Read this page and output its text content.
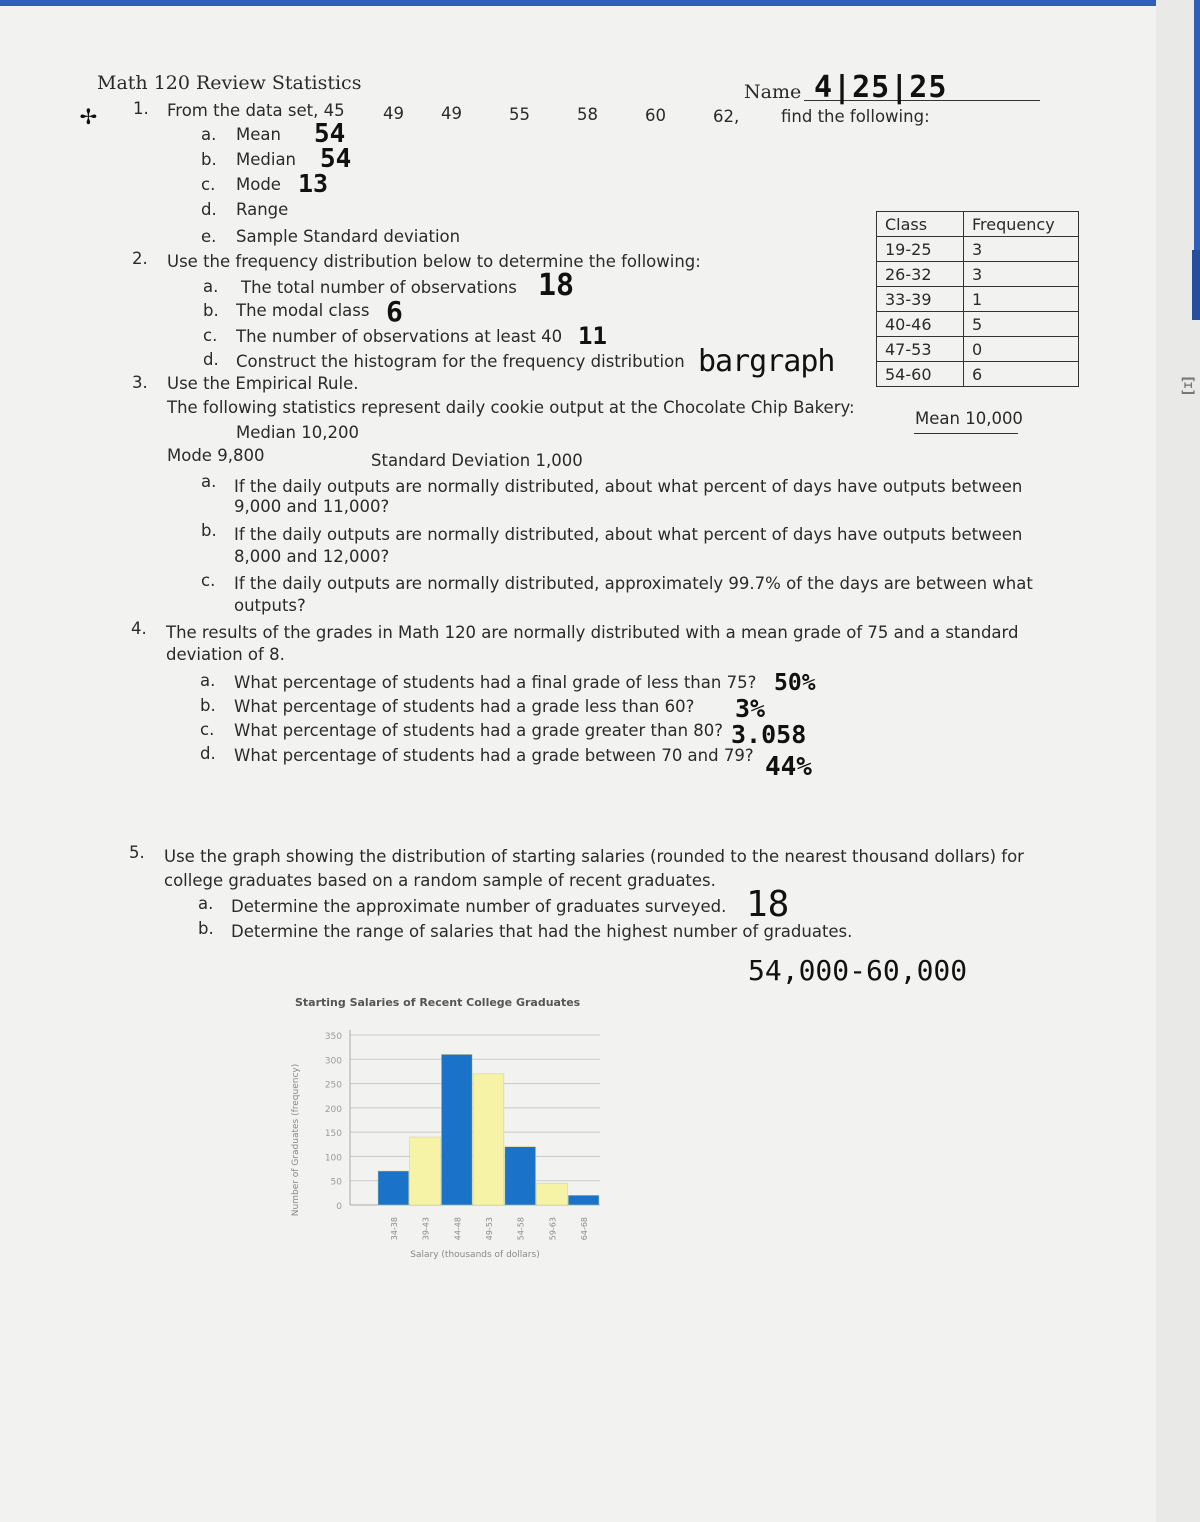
Math 120 Review Statistics	Name 4|25|25
✢ 1. From the data set, 45 49 49	55	58	60	62,	find the following:
a. Mean 54
b. Median 54
c. Mode 13
d. Range
e. Sample Standard deviation
2. Use the frequency distribution below to determine the following:
a. The total number of observations 18
b. The modal class 6
c. The number of observations at least 40 11
d. Construct the histogram for the frequency distribution bargraph
Class	Frequency
19-25	3
26-32	3
33-39	1
40-46	5
47-53	0
54-60	6
3. Use the Empirical Rule.
The following statistics represent daily cookie output at the Chocolate Chip Bakery:
Mean 10,000
Median 10,200
Mode 9,800	Standard Deviation 1,000
a. If the daily outputs are normally distributed, about what percent of days have outputs between
9,000 and 11,000?
b. If the daily outputs are normally distributed, about what percent of days have outputs between
8,000 and 12,000?
c. If the daily outputs are normally distributed, approximately 99.7% of the days are between what
outputs?
4. The results of the grades in Math 120 are normally distributed with a mean grade of 75 and a standard
deviation of 8.
a. What percentage of students had a final grade of less than 75? 50%
b. What percentage of students had a grade less than 60? 3%
c. What percentage of students had a grade greater than 80? 3.058
d. What percentage of students had a grade between 70 and 79? 44%
5. Use the graph showing the distribution of starting salaries (rounded to the nearest thousand dollars) for
college graduates based on a random sample of recent graduates.
a. Determine the approximate number of graduates surveyed. 18
b. Determine the range of salaries that had the highest number of graduates.
54,000-60,000
Starting Salaries of Recent College Graduates
350
300
250
200
150
100
50
0
34-38	39-43	44-48	49-53	54-58	59-63	64-68
Salary (thousands of dollars)
Number of Graduates (frequency)
Ξ
